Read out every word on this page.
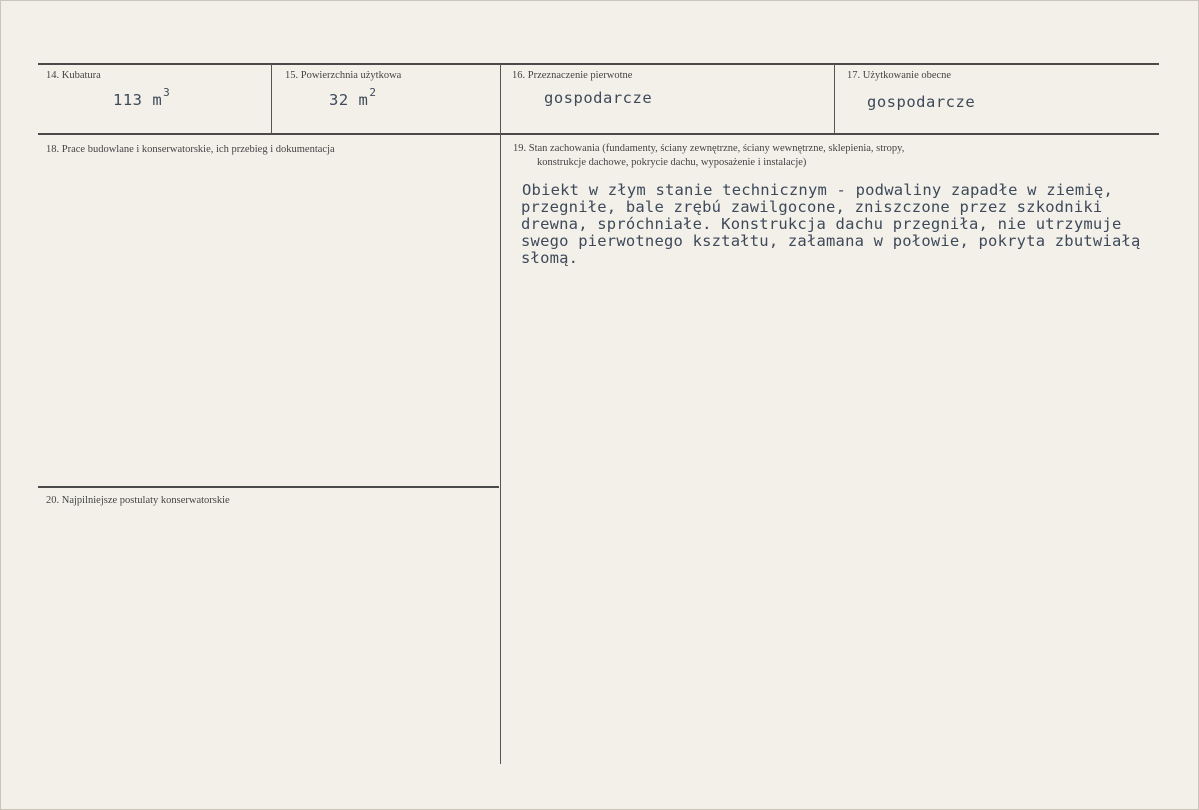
14. Kubatura
113 $m^3$
15. Powierzchnia użytkowa
32 $m^2$
16. Przeznaczenie pierwotne
gospodarcze
17. Użytkowanie obecne
gospodarcze
18. Prace budowlane i konserwatorskie, ich przebieg i dokumentacja	19. Stan zachowania (fundamenty, ściany zewnętrzne, ściany wewnętrzne, sklepienia, stropy,
konstrukcje dachowe, pokrycie dachu, wyposażenie i instalacje)
Obiekt w złym stanie technicznym - podwaliny zapadłe w ziemię,
przegniłe, bale zrębú zawilgocone, zniszczone przez szkodniki
drewna, spróchniałe. Konstrukcja dachu przegniła, nie utrzymuje
swego pierwotnego kształtu, załamana w połowie, pokryta zbutwiałą
słomą.
20. Najpilniejsze postulaty konserwatorskie
